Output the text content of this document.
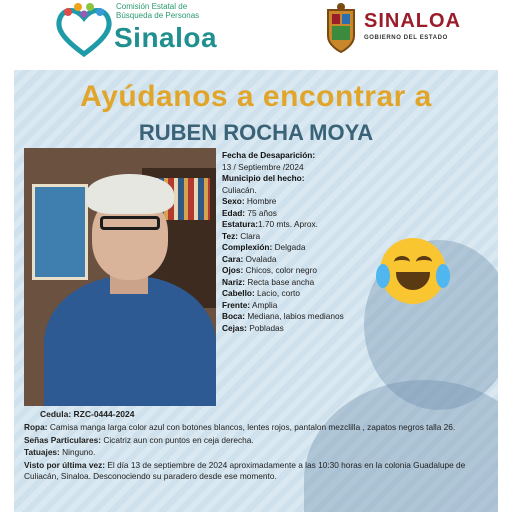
Comisión Estatal de
Búsqueda de Personas
Sinaloa
SINALOA
GOBIERNO DEL ESTADO
Ayúdanos a encontrar a
RUBEN ROCHA MOYA
Cedula: RZC-0444-2024
Fecha de Desaparición:
13 / Septiembre /2024
Municipio del hecho:
Culiacán.
Sexo: Hombre
Edad: 75 años
Estatura:1.70 mts. Aprox.
Tez: Clara
Complexión: Delgada
Cara: Ovalada
Ojos: Chicos, color negro
Nariz: Recta base ancha
Cabello: Lacio, corto
Frente: Amplia
Boca: Mediana, labios medianos
Cejas: Pobladas

Ropa: Camisa manga larga color azul con botones blancos, lentes rojos, pantalon mezclilla , zapatos negros talla 26.

Señas Particulares: Cicatriz aun con puntos en ceja derecha.

Tatuajes: Ninguno.

Visto por última vez: El día 13 de septiembre de 2024 aproximadamente a las 10:30 horas en la colonia Guadalupe de Culiacán, Sinaloa. Desconociendo su paradero desde ese momento.
